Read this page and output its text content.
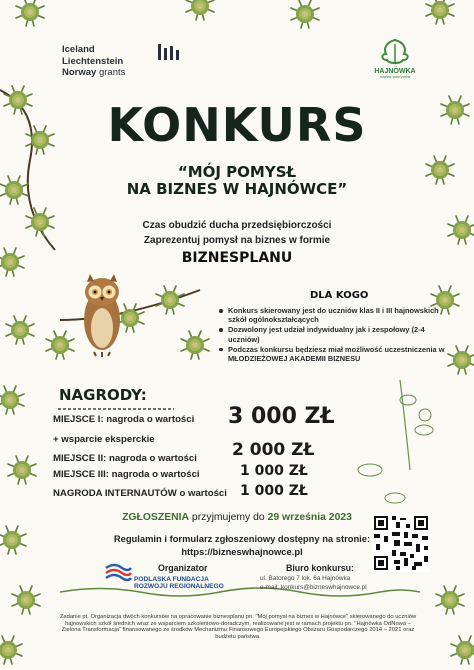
Iceland
Liechtenstein
Norway grants	HAJNÓWKA
miasto pomysłów
KONKURS
“MÓJ POMYSŁ
NA BIZNES W HAJNÓWCE”
Czas obudzić ducha przedsiębiorczości
Zaprezentuj pomysł na biznes w formie
BIZNESPLANU
DLA KOGO
Konkurs skierowany jest do uczniów klas II i III hajnowskich szkół ogólnokształcących
Dozwolony jest udział indywidualny jak i zespołowy (2-4 uczniów)
Podczas konkursu będziesz miał możliwość uczestniczenia w MŁODZIEŻOWEJ AKADEMII BIZNESU
NAGRODY:
MIEJSCE I: nagroda o wartości 3 000 ZŁ
+ wsparcie eksperckie
MIEJSCE II: nagroda o wartości 2 000 ZŁ
MIEJSCE III: nagroda o wartości	1 000 ZŁ
NAGRODA INTERNAUTÓW o wartości 1 000 ZŁ
ZGŁOSZENIA przyjmujemy do 29 września 2023
Regulamin i formularz zgłoszeniowy dostępny na stronie:
https://bizneswhajnowce.pl
Organizator	Biuro konkursu:
ul. Batorego 7 lok. 6a Hajnówka
e-mail: konkurs@bizneswhajnowce.pl
PODLASKA FUNDACJA
ROZWOJU REGIONALNEGO
Zadanie pt. Organizacja dwóch konkursów na opracowanie biznesplanu pn. "Mój pomysł na biznes w Hajnówce" skierowanego do uczniów hajnowskich szkół średnich wraz ze wsparciem szkoleniowo-doradczym, realizowane jest w ramach projektu pn. "Hajnówka OdNowa – Zielona Transformacja" finansowanego ze środków Mechanizmu Finansowego Europejskiego Obszaru Gospodarczego 2014 – 2021 oraz budżetu państwa.
